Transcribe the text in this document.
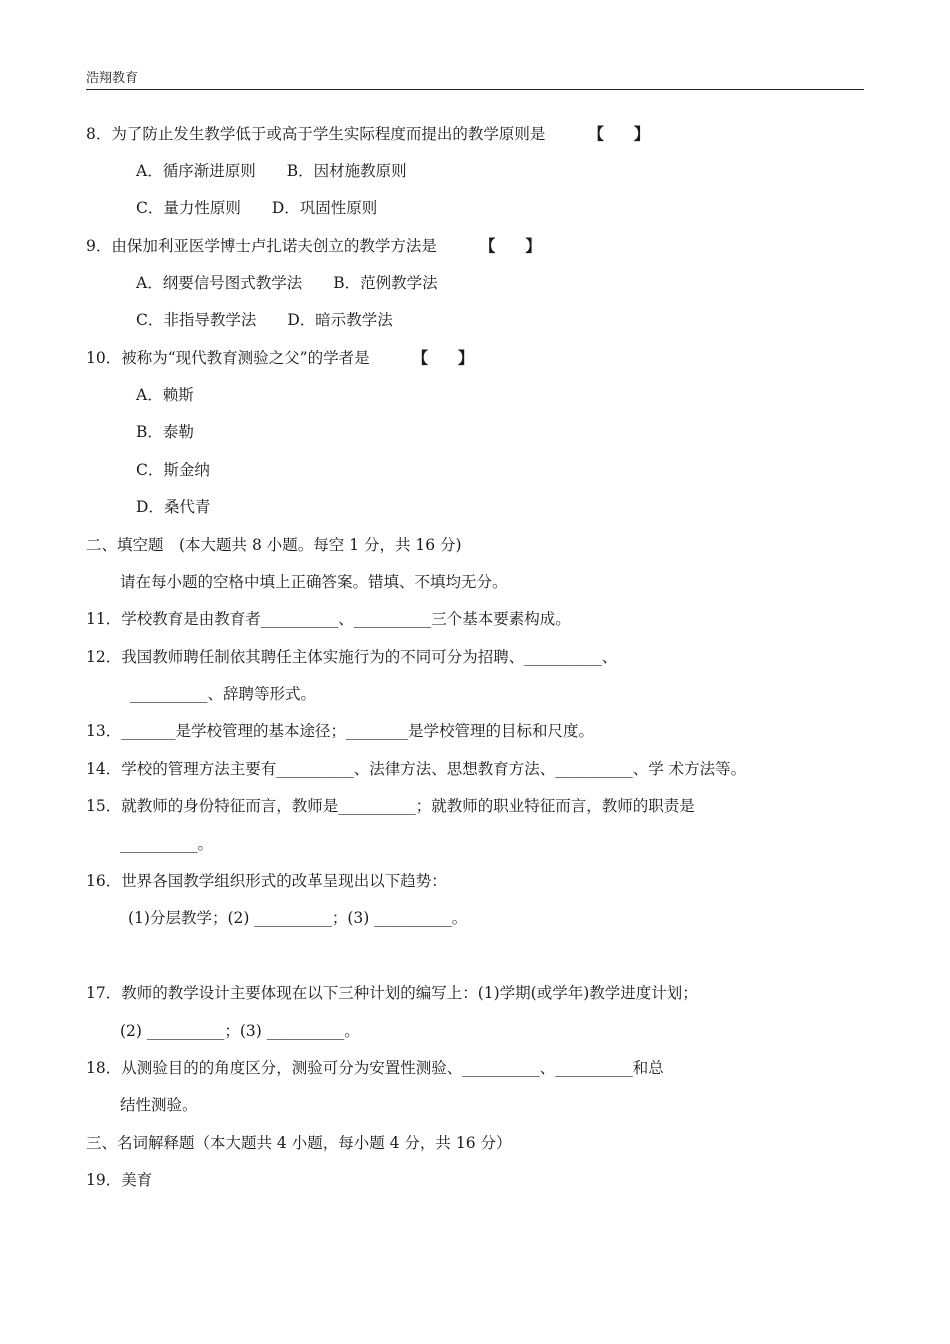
浩翔教育
8．为了防止发生教学低于或高于学生实际程度而提出的教学原则是	【 】
A．循序渐进原则　　B．因材施教原则
C．量力性原则　　D．巩固性原则
9．由保加利亚医学博士卢扎诺夫创立的教学方法是	【 】
A．纲要信号图式教学法　　B．范例教学法
C．非指导教学法　　D．暗示教学法
10．被称为“现代教育测验之父”的学者是	【 】
A．赖斯
B．泰勒
C．斯金纳
D．桑代青
二、填空题　(本大题共 8 小题。每空 1 分，共 16 分)
请在每小题的空格中填上正确答案。错填、不填均无分。
11．学校教育是由教育者__________、__________三个基本要素构成。
12．我国教师聘任制依其聘任主体实施行为的不同可分为招聘、__________、
__________、辞聘等形式。
13．_______是学校管理的基本途径；________是学校管理的目标和尺度。
14．学校的管理方法主要有__________、法律方法、思想教育方法、__________、学 术方法等。
15．就教师的身份特征而言，教师是__________；就教师的职业特征而言，教师的职责是
__________。
16．世界各国教学组织形式的改革呈现出以下趋势：
(1)分层教学；(2) __________；(3) __________。
17．教师的教学设计主要体现在以下三种计划的编写上：(1)学期(或学年)教学进度计划；
(2) __________；(3) __________。
18．从测验目的的角度区分，测验可分为安置性测验、__________、__________和总
结性测验。
三、名词解释题（本大题共 4 小题，每小题 4 分，共 16 分）
19．美育
